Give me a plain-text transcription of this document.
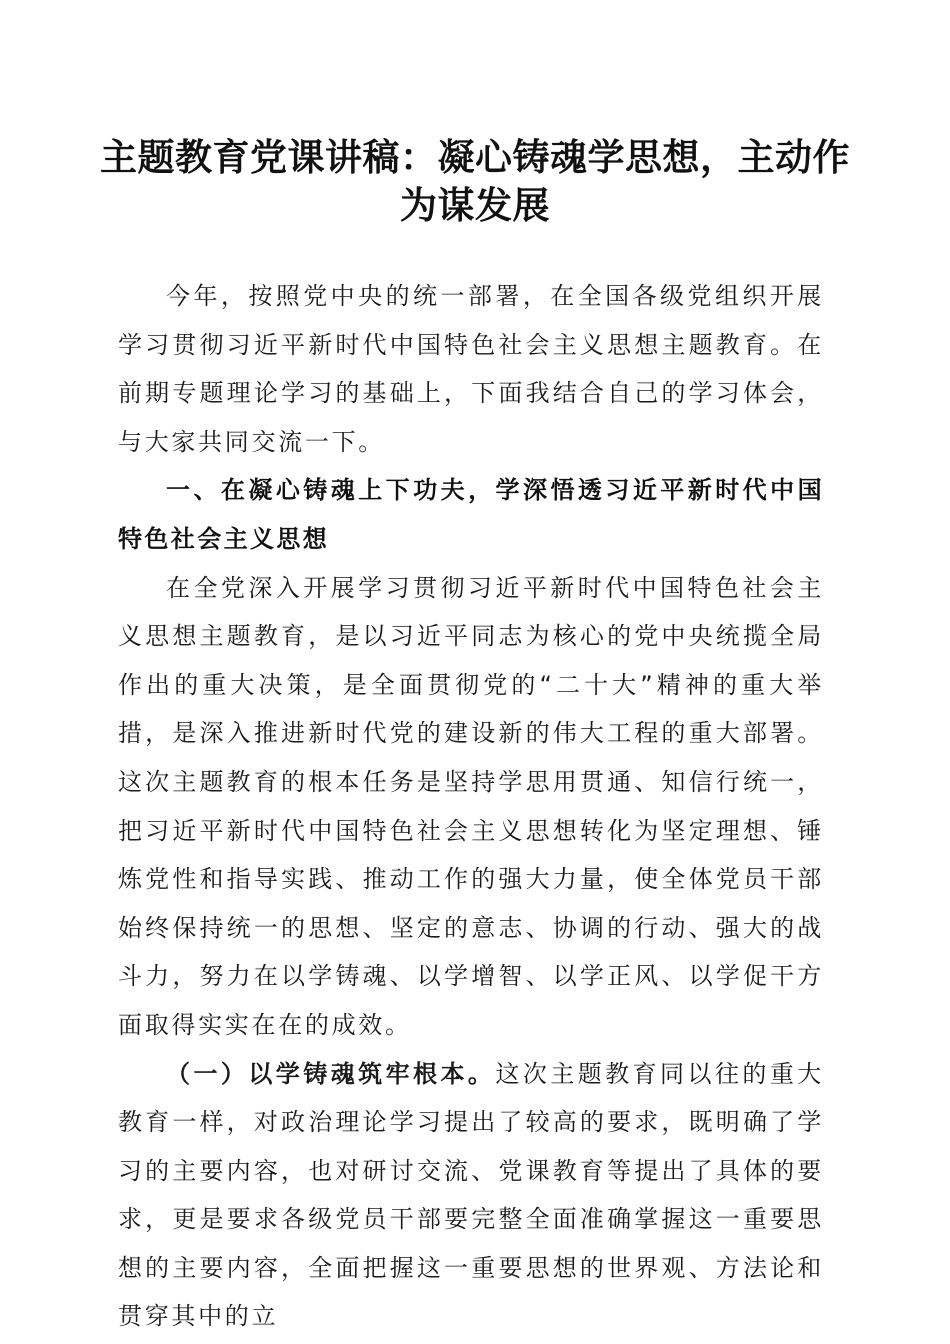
主题教育党课讲稿：凝心铸魂学思想，主动作为谋发展

今年，按照党中央的统一部署，在全国各级党组织开展学习贯彻习近平新时代中国特色社会主义思想主题教育。在前期专题理论学习的基础上，下面我结合自己的学习体会，与大家共同交流一下。

一、在凝心铸魂上下功夫，学深悟透习近平新时代中国特色社会主义思想

在全党深入开展学习贯彻习近平新时代中国特色社会主义思想主题教育，是以习近平同志为核心的党中央统揽全局作出的重大决策，是全面贯彻党的“二十大”精神的重大举措，是深入推进新时代党的建设新的伟大工程的重大部署。这次主题教育的根本任务是坚持学思用贯通、知信行统一，把习近平新时代中国特色社会主义思想转化为坚定理想、锤炼党性和指导实践、推动工作的强大力量，使全体党员干部始终保持统一的思想、坚定的意志、协调的行动、强大的战斗力，努力在以学铸魂、以学增智、以学正风、以学促干方面取得实实在在的成效。

（一）以学铸魂筑牢根本。这次主题教育同以往的重大教育一样，对政治理论学习提出了较高的要求，既明确了学习的主要内容，也对研讨交流、党课教育等提出了具体的要求，更是要求各级党员干部要完整全面准确掌握这一重要思想的主要内容，全面把握这一重要思想的世界观、方法论和贯穿其中的立
